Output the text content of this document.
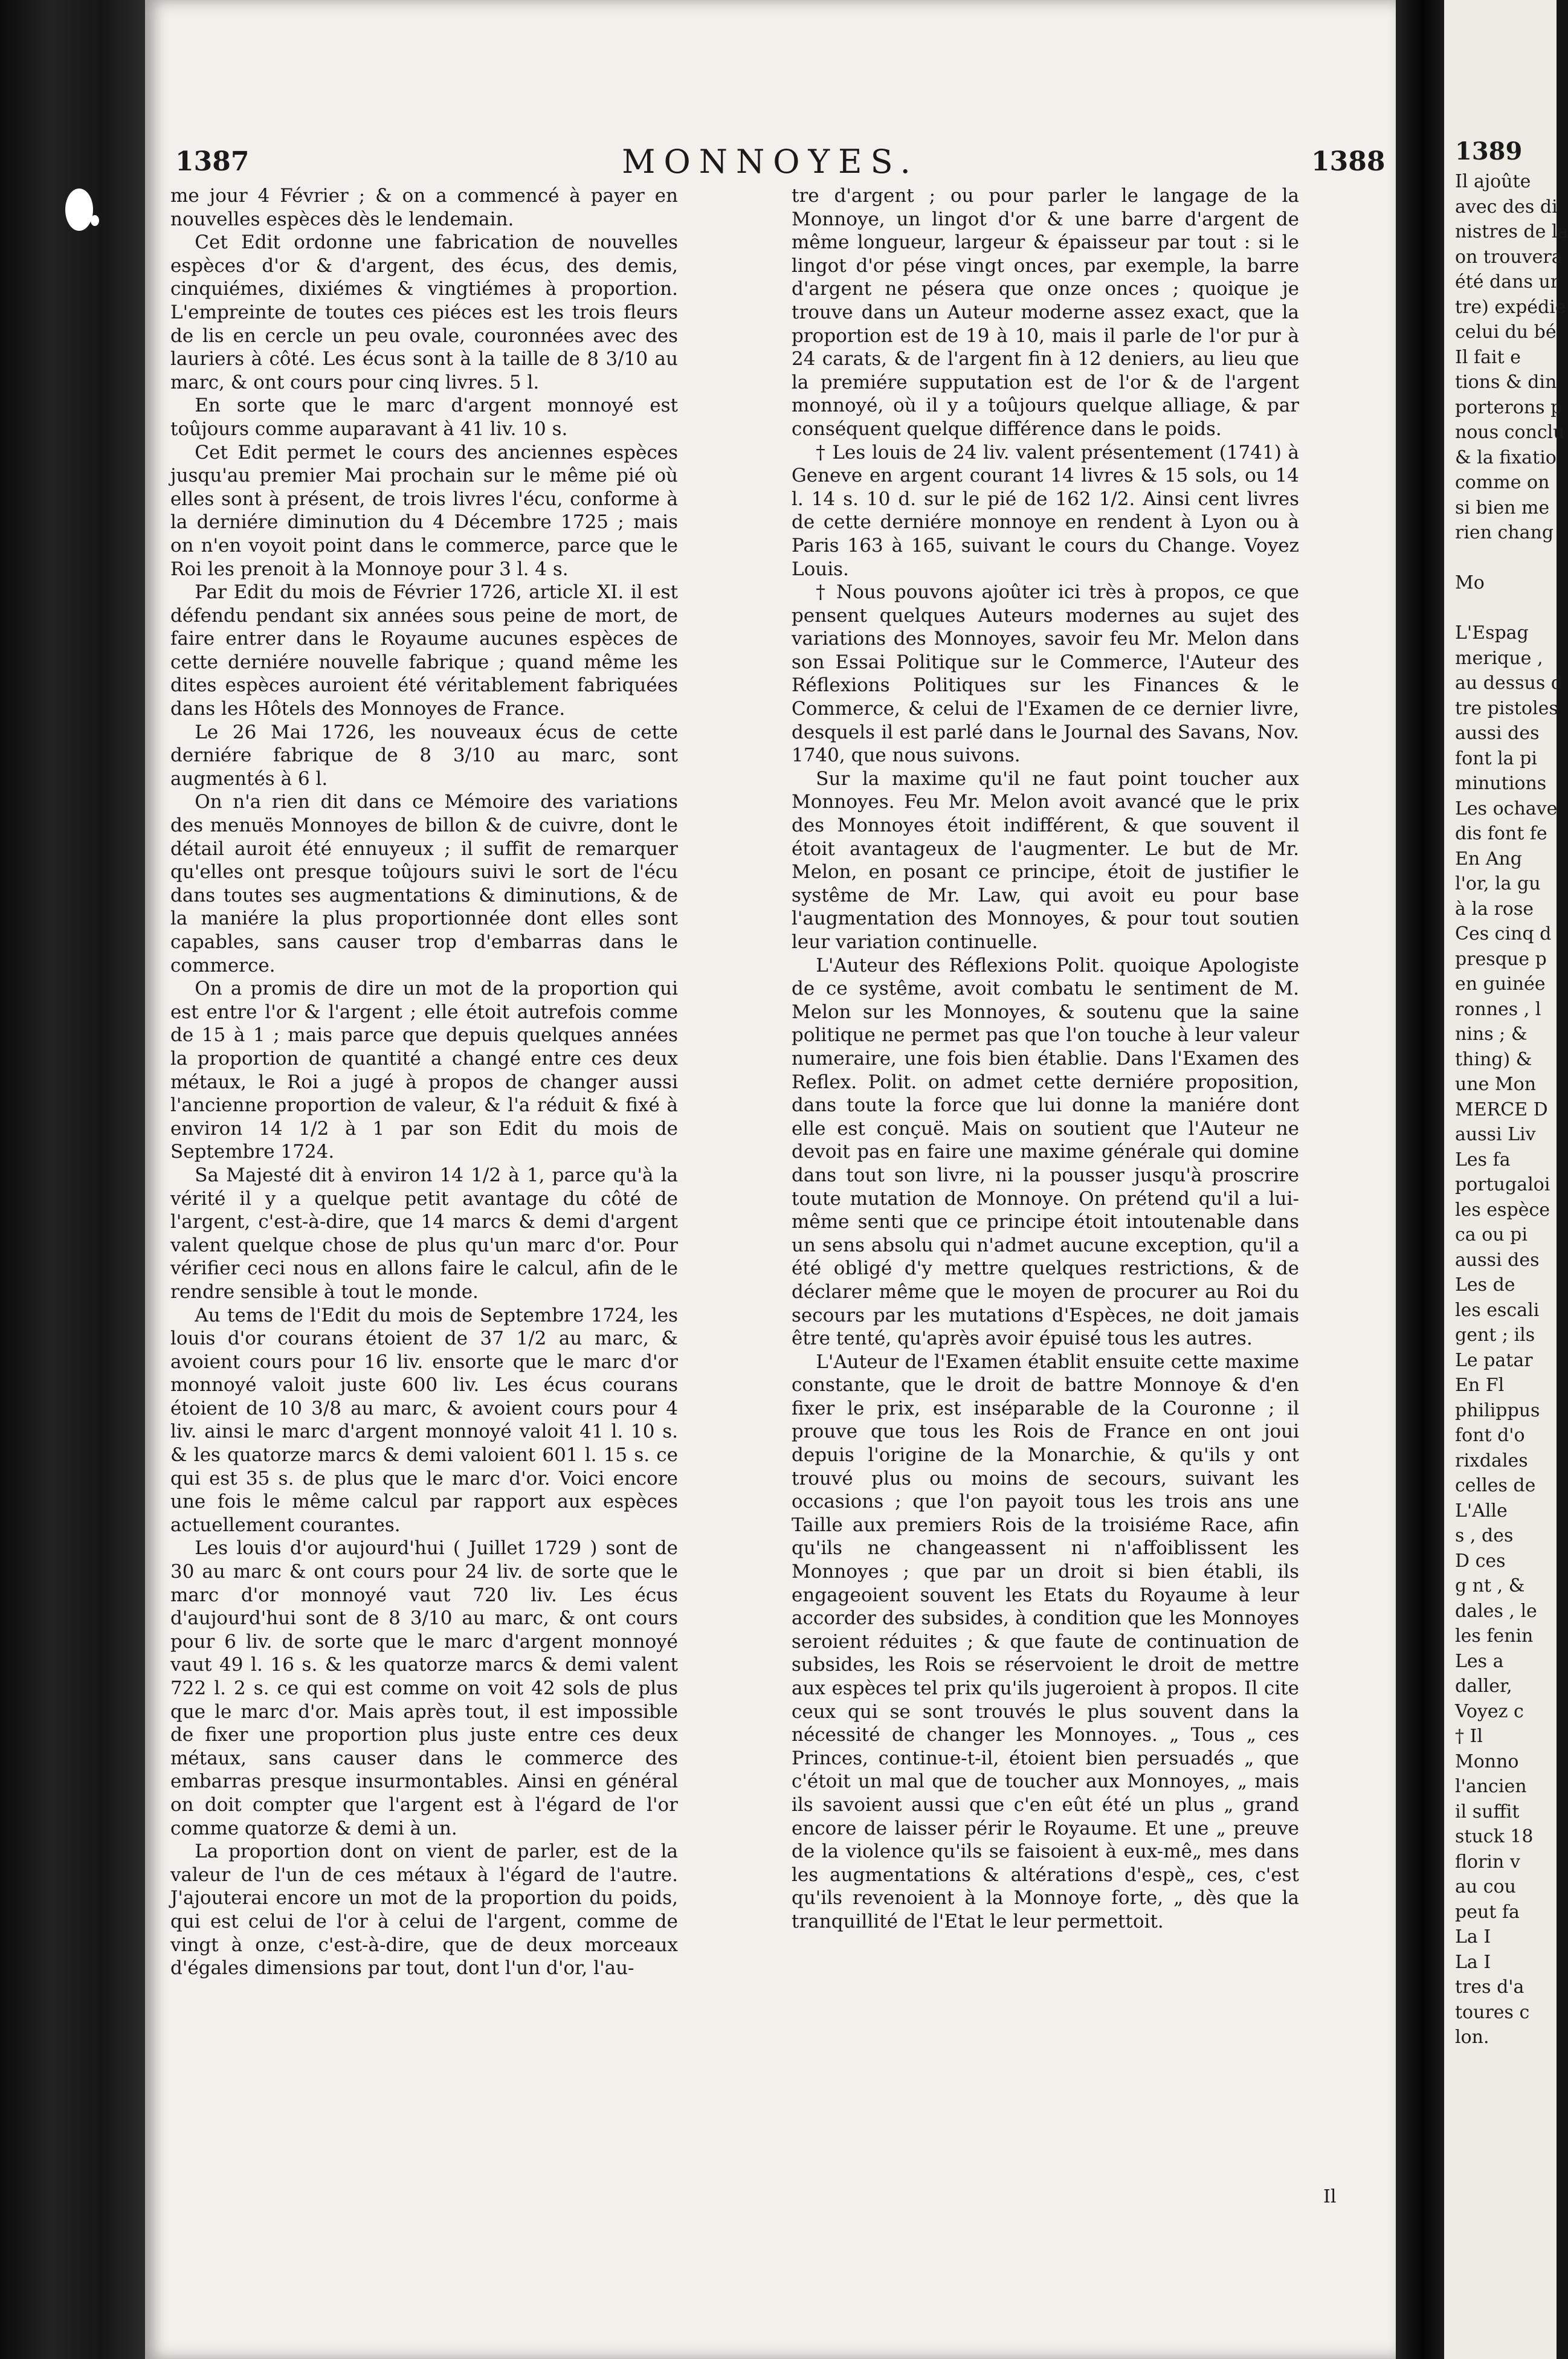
1387	MONNOYES.	1388

me jour 4 Février ; & on a commencé à payer en nouvelles espèces dès le lendemain.

Cet Edit ordonne une fabrication de nouvelles espèces d'or & d'argent, des écus, des demis, cinquiémes, dixiémes & vingtiémes à proportion. L'empreinte de toutes ces piéces est les trois fleurs de lis en cercle un peu ovale, couronnées avec des lauriers à côté. Les écus sont à la taille de 8 3/10 au marc, & ont cours pour cinq livres. 5 l.

En sorte que le marc d'argent monnoyé est toûjours comme auparavant à 41 liv. 10 s.

Cet Edit permet le cours des anciennes espèces jusqu'au premier Mai prochain sur le même pié où elles sont à présent, de trois livres l'écu, conforme à la derniére diminution du 4 Décembre 1725 ; mais on n'en voyoit point dans le commerce, parce que le Roi les prenoit à la Monnoye pour 3 l. 4 s.

Par Edit du mois de Février 1726, article XI. il est défendu pendant six années sous peine de mort, de faire entrer dans le Royaume aucunes espèces de cette derniére nouvelle fabrique ; quand même les dites espèces auroient été véritablement fabriquées dans les Hôtels des Monnoyes de France.

Le 26 Mai 1726, les nouveaux écus de cette derniére fabrique de 8 3/10 au marc, sont augmentés à 6 l.

On n'a rien dit dans ce Mémoire des variations des menuës Monnoyes de billon & de cuivre, dont le détail auroit été ennuyeux ; il suffit de remarquer qu'elles ont presque toûjours suivi le sort de l'écu dans toutes ses augmentations & diminutions, & de la maniére la plus proportionnée dont elles sont capables, sans causer trop d'embarras dans le commerce.

On a promis de dire un mot de la proportion qui est entre l'or & l'argent ; elle étoit autrefois comme de 15 à 1 ; mais parce que depuis quelques années la proportion de quantité a changé entre ces deux métaux, le Roi a jugé à propos de changer aussi l'ancienne proportion de valeur, & l'a réduit & fixé à environ 14 1/2 à 1 par son Edit du mois de Septembre 1724.

Sa Majesté dit à environ 14 1/2 à 1, parce qu'à la vérité il y a quelque petit avantage du côté de l'argent, c'est-à-dire, que 14 marcs & demi d'argent valent quelque chose de plus qu'un marc d'or. Pour vérifier ceci nous en allons faire le calcul, afin de le rendre sensible à tout le monde.

Au tems de l'Edit du mois de Septembre 1724, les louis d'or courans étoient de 37 1/2 au marc, & avoient cours pour 16 liv. ensorte que le marc d'or monnoyé valoit juste 600 liv. Les écus courans étoient de 10 3/8 au marc, & avoient cours pour 4 liv. ainsi le marc d'argent monnoyé valoit 41 l. 10 s. & les quatorze marcs & demi valoient 601 l. 15 s. ce qui est 35 s. de plus que le marc d'or. Voici encore une fois le même calcul par rapport aux espèces actuellement courantes.

Les louis d'or aujourd'hui ( Juillet 1729 ) sont de 30 au marc & ont cours pour 24 liv. de sorte que le marc d'or monnoyé vaut 720 liv. Les écus d'aujourd'hui sont de 8 3/10 au marc, & ont cours pour 6 liv. de sorte que le marc d'argent monnoyé vaut 49 l. 16 s. & les quatorze marcs & demi valent 722 l. 2 s. ce qui est comme on voit 42 sols de plus que le marc d'or. Mais après tout, il est impossible de fixer une proportion plus juste entre ces deux métaux, sans causer dans le commerce des embarras presque insurmontables. Ainsi en général on doit compter que l'argent est à l'égard de l'or comme quatorze & demi à un.

La proportion dont on vient de parler, est de la valeur de l'un de ces métaux à l'égard de l'autre. J'ajouterai encore un mot de la proportion du poids, qui est celui de l'or à celui de l'argent, comme de vingt à onze, c'est-à-dire, que de deux morceaux d'égales dimensions par tout, dont l'un d'or, l'au-

tre d'argent ; ou pour parler le langage de la Monnoye, un lingot d'or & une barre d'argent de même longueur, largeur & épaisseur par tout : si le lingot d'or pése vingt onces, par exemple, la barre d'argent ne pésera que onze onces ; quoique je trouve dans un Auteur moderne assez exact, que la proportion est de 19 à 10, mais il parle de l'or pur à 24 carats, & de l'argent fin à 12 deniers, au lieu que la premiére supputation est de l'or & de l'argent monnoyé, où il y a toûjours quelque alliage, & par conséquent quelque différence dans le poids.

† Les louis de 24 liv. valent présentement (1741) à Geneve en argent courant 14 livres & 15 sols, ou 14 l. 14 s. 10 d. sur le pié de 162 1/2. Ainsi cent livres de cette derniére monnoye en rendent à Lyon ou à Paris 163 à 165, suivant le cours du Change. Voyez Louis.

† Nous pouvons ajoûter ici très à propos, ce que pensent quelques Auteurs modernes au sujet des variations des Monnoyes, savoir feu Mr. Melon dans son Essai Politique sur le Commerce, l'Auteur des Réflexions Politiques sur les Finances & le Commerce, & celui de l'Examen de ce dernier livre, desquels il est parlé dans le Journal des Savans, Nov. 1740, que nous suivons.

Sur la maxime qu'il ne faut point toucher aux Monnoyes. Feu Mr. Melon avoit avancé que le prix des Monnoyes étoit indifférent, & que souvent il étoit avantageux de l'augmenter. Le but de Mr. Melon, en posant ce principe, étoit de justifier le systême de Mr. Law, qui avoit eu pour base l'augmentation des Monnoyes, & pour tout soutien leur variation continuelle.

L'Auteur des Réflexions Polit. quoique Apologiste de ce systême, avoit combatu le sentiment de M. Melon sur les Monnoyes, & soutenu que la saine politique ne permet pas que l'on touche à leur valeur numeraire, une fois bien établie. Dans l'Examen des Reflex. Polit. on admet cette derniére proposition, dans toute la force que lui donne la maniére dont elle est conçuë. Mais on soutient que l'Auteur ne devoit pas en faire une maxime générale qui domine dans tout son livre, ni la pousser jusqu'à proscrire toute mutation de Monnoye. On prétend qu'il a lui-même senti que ce principe étoit intoutenable dans un sens absolu qui n'admet aucune exception, qu'il a été obligé d'y mettre quelques restrictions, & de déclarer même que le moyen de procurer au Roi du secours par les mutations d'Espèces, ne doit jamais être tenté, qu'après avoir épuisé tous les autres.

L'Auteur de l'Examen établit ensuite cette maxime constante, que le droit de battre Monnoye & d'en fixer le prix, est inséparable de la Couronne ; il prouve que tous les Rois de France en ont joui depuis l'origine de la Monarchie, & qu'ils y ont trouvé plus ou moins de secours, suivant les occasions ; que l'on payoit tous les trois ans une Taille aux premiers Rois de la troisiéme Race, afin qu'ils ne changeassent ni n'affoiblissent les Monnoyes ; que par un droit si bien établi, ils engageoient souvent les Etats du Royaume à leur accorder des subsides, à condition que les Monnoyes seroient réduites ; & que faute de continuation de subsides, les Rois se réservoient le droit de mettre aux espèces tel prix qu'ils jugeroient à propos. Il cite ceux qui se sont trouvés le plus souvent dans la nécessité de changer les Monnoyes. „ Tous „ ces Princes, continue-t-il, étoient bien persuadés „ que c'étoit un mal que de toucher aux Monnoyes, „ mais ils savoient aussi que c'en eût été un plus „ grand encore de laisser périr le Royaume. Et une „ preuve de la violence qu'ils se faisoient à eux-mê„ mes dans les augmentations & altérations d'espè„ ces, c'est qu'ils revenoient à la Monnoye forte, „ dès que la tranquillité de l'Etat le leur permettoit.

Il
1389
Il ajoûte
avec des di
nistres de la
on trouvera
été dans ur
tre) expédie
celui du bé
Il fait e
tions & din
porterons p
nous conclu
& la fixatio
comme on
si bien me
rien chang
Mo
L'Espag
merique ,
au dessus d
tre pistoles
aussi des
font la pi
minutions
Les ochave
dis font fe
En Ang
l'or, la gu
à la rose
Ces cinq d
presque p
en guinée
ronnes , l
nins ; &
thing) &
une Mon
MERCE D
aussi Liv
Les fa
portugaloi
les espèce
ca ou pi
aussi des
Les de
les escali
gent ; ils
Le patar
En Fl
philippus
font d'o
rixdales
celles de
L'Alle
s , des
D ces
g nt , &
dales , le
les fenin
Les a
daller,
Voyez c
† Il
Monno
l'ancien
il suffit
stuck 18
florin v
au cou
peut fa
La I
La I
tres d'a
toures c
lon.
